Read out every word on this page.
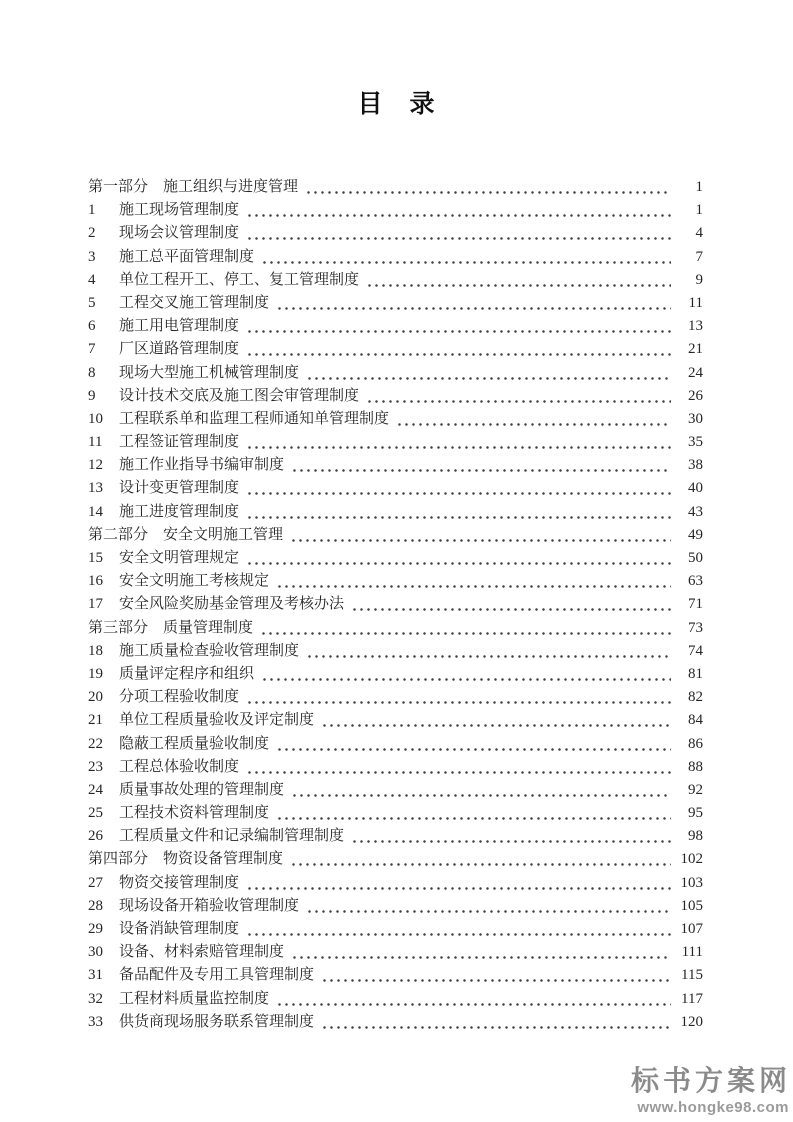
目　录
第一部分 施工组织与进度管理	1
1	施工现场管理制度	1
2	现场会议管理制度	4
3	施工总平面管理制度	7
4	单位工程开工、停工、复工管理制度	9
5	工程交叉施工管理制度	11
6	施工用电管理制度	13
7	厂区道路管理制度	21
8	现场大型施工机械管理制度	24
9	设计技术交底及施工图会审管理制度	26
10	工程联系单和监理工程师通知单管理制度	30
11	工程签证管理制度	35
12	施工作业指导书编审制度	38
13	设计变更管理制度	40
14	施工进度管理制度	43
第二部分 安全文明施工管理	49
15	安全文明管理规定	50
16	安全文明施工考核规定	63
17	安全风险奖励基金管理及考核办法	71
第三部分 质量管理制度	73
18	施工质量检查验收管理制度	74
19	质量评定程序和组织	81
20	分项工程验收制度	82
21	单位工程质量验收及评定制度	84
22	隐蔽工程质量验收制度	86
23	工程总体验收制度	88
24	质量事故处理的管理制度	92
25	工程技术资料管理制度	95
26	工程质量文件和记录编制管理制度	98
第四部分 物资设备管理制度	102
27	物资交接管理制度	103
28	现场设备开箱验收管理制度	105
29	设备消缺管理制度	107
30	设备、材料索赔管理制度	111
31	备品配件及专用工具管理制度	115
32	工程材料质量监控制度	117
33	供货商现场服务联系管理制度	120
标书方案网
www.hongke98.com
